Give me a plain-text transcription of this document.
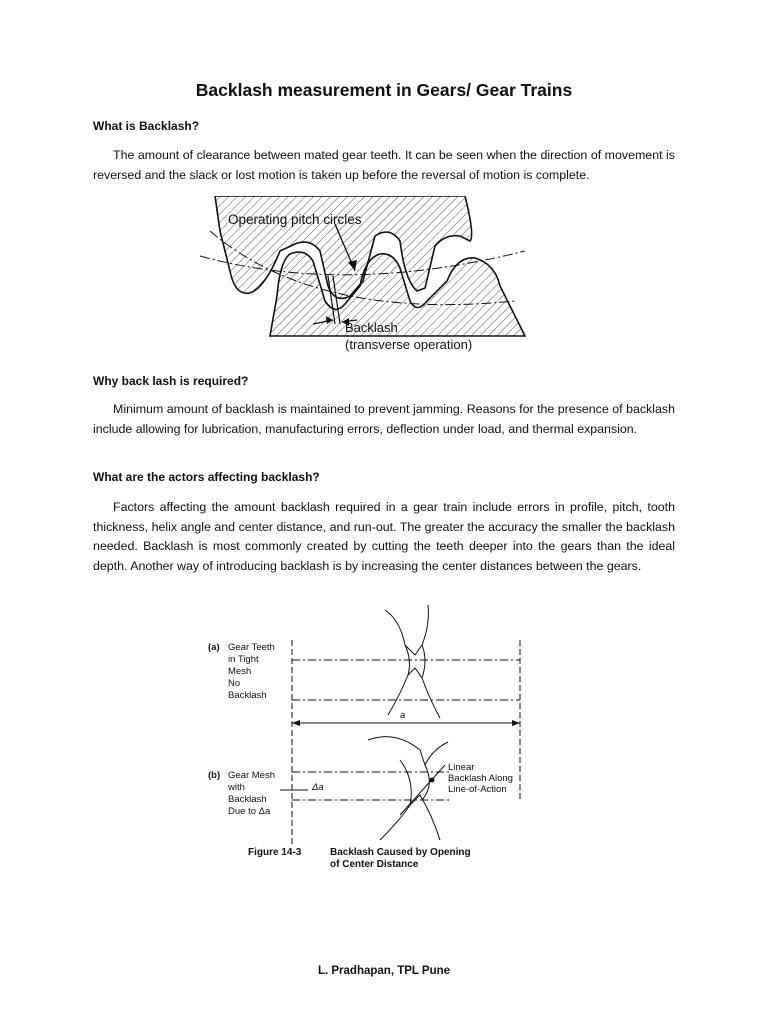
Backlash measurement in Gears/ Gear Trains
What is Backlash?
The amount of clearance between mated gear teeth. It can be seen when the direction of movement is reversed and the slack or lost motion is taken up before the reversal of motion is complete.
Operating pitch circles
Backlash
(transverse operation)
Why back lash is required?
Minimum amount of backlash is maintained to prevent jamming. Reasons for the presence of backlash include allowing for lubrication, manufacturing errors, deflection under load, and thermal expansion.
What are the actors affecting backlash?
Factors affecting the amount backlash required in a gear train include errors in profile, pitch, tooth thickness, helix angle and center distance, and run-out. The greater the accuracy the smaller the backlash needed. Backlash is most commonly created by cutting the teeth deeper into the gears than the ideal depth. Another way of introducing backlash is by increasing the center distances between the gears.
(a) Gear Teeth
in Tight
Mesh
No
Backlash
(b) Gear Mesh
with
Backlash
Due to Δa
Δa
a
Linear
Backlash Along
Line-of-Action
Figure 14-3	Backlash Caused by Opening
of Center Distance
L. Pradhapan, TPL Pune
